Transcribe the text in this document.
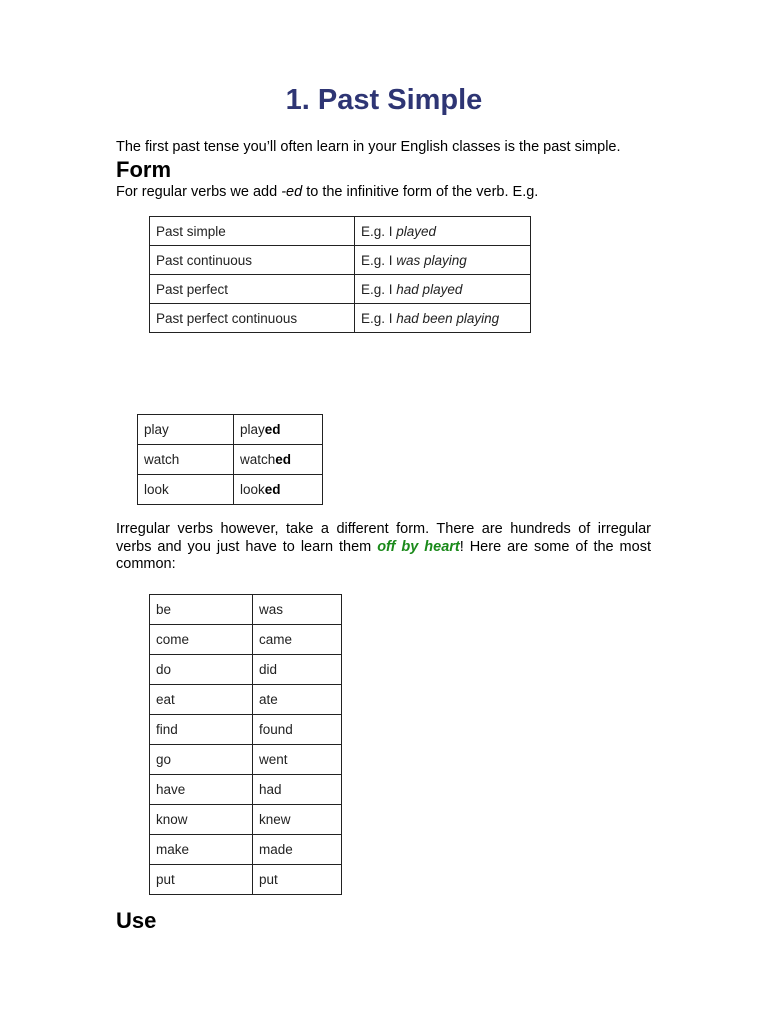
1. Past Simple

The first past tense you’ll often learn in your English classes is the past simple.

Form

For regular verbs we add -ed to the infinitive form of the verb. E.g.

Past simple	E.g. I played
Past continuous	E.g. I was playing
Past perfect	E.g. I had played
Past perfect continuous	E.g. I had been playing
play	played
watch	watched
look	looked

Irregular verbs however, take a different form. There are hundreds of irregular verbs and you just have to learn them off by heart! Here are some of the most common:

be	was
come	came
do	did
eat	ate
find	found
go	went
have	had
know	knew
make	made
put	put
Use
